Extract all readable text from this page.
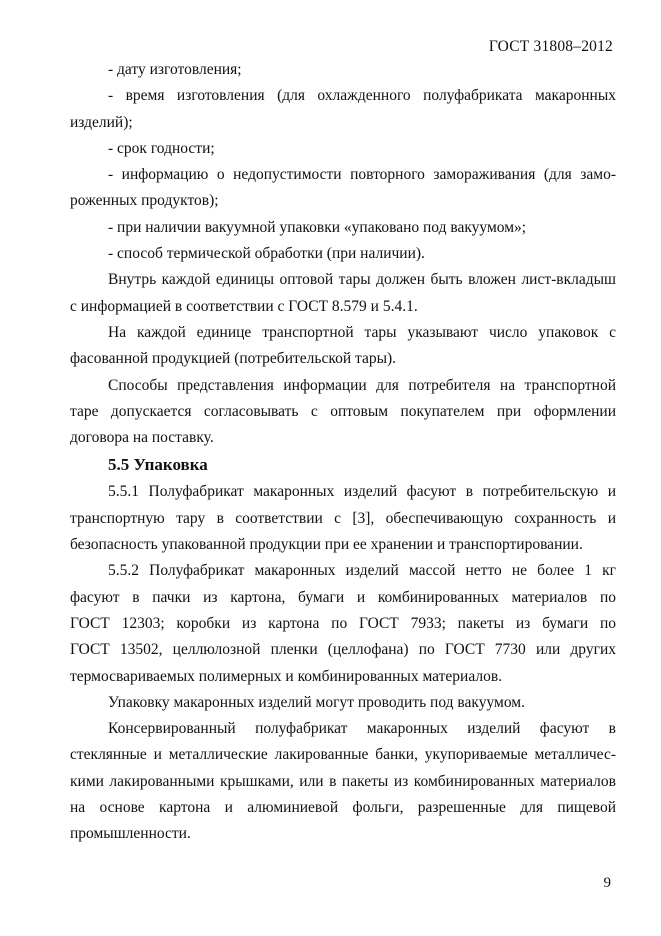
ГОСТ 31808–2012
- дату изготовления;
- время изготовления (для охлажденного полуфабриката макаронных
изделий);
- срок годности;
- информацию о недопустимости повторного замораживания (для замо-
роженных продуктов);
- при наличии вакуумной упаковки «упаковано под вакуумом»;
- способ термической обработки (при наличии).
Внутрь каждой единицы оптовой тары должен быть вложен лист-вкладыш
с информацией в соответствии с ГОСТ 8.579 и 5.4.1.
На каждой единице транспортной тары указывают число упаковок с
фасованной продукцией (потребительской тары).
Способы представления информации для потребителя на транспортной
таре допускается согласовывать с оптовым покупателем при оформлении
договора на поставку.
5.5 Упаковка
5.5.1 Полуфабрикат макаронных изделий фасуют в потребительскую и
транспортную тару в соответствии с [3], обеспечивающую сохранность и
безопасность упакованной продукции при ее хранении и транспортировании.
5.5.2 Полуфабрикат макаронных изделий массой нетто не более 1 кг
фасуют в пачки из картона, бумаги и комбинированных материалов по
ГОСТ 12303; коробки из картона по ГОСТ 7933; пакеты из бумаги по
ГОСТ 13502, целлюлозной пленки (целлофана) по ГОСТ 7730 или других
термосвариваемых полимерных и комбинированных материалов.
Упаковку макаронных изделий могут проводить под вакуумом.
Консервированный полуфабрикат макаронных изделий фасуют в
стеклянные и металлические лакированные банки, укупориваемые металличес-
кими лакированными крышками, или в пакеты из комбинированных материалов
на основе картона и алюминиевой фольги, разрешенные для пищевой
промышленности.
9
